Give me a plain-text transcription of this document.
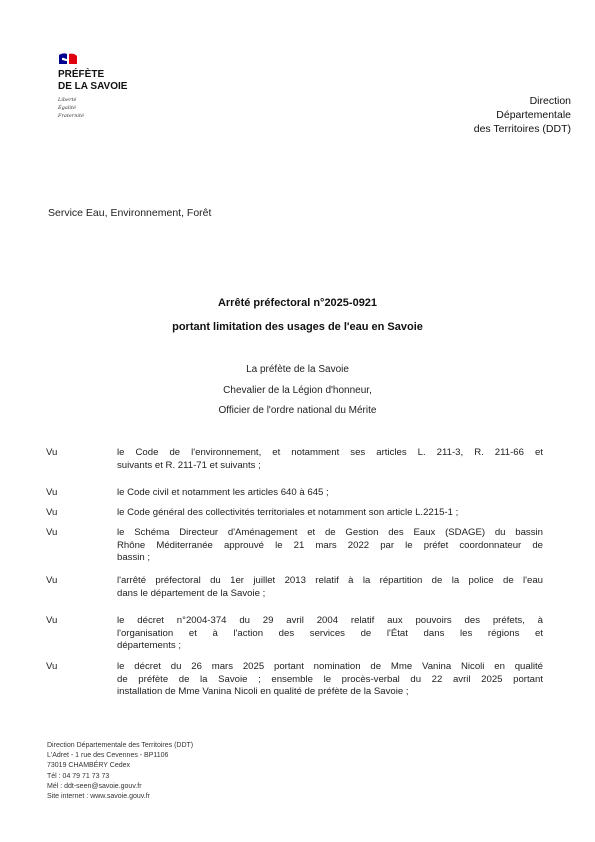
PRÉFÈTE
DE LA SAVOIE
Liberté
Égalité
Fraternité
Direction
Départementale
des Territoires (DDT)
Service Eau, Environnement, Forêt
Arrêté préfectoral n°2025-0921
portant limitation des usages de l'eau en Savoie
La préfète de la Savoie
Chevalier de la Légion d'honneur,
Officier de l'ordre national du Mérite
Vu	le Code de l'environnement, et notamment ses articles L. 211-3, R. 211-66 et
suivants et R. 211-71 et suivants ;
Vu	le Code civil et notamment les articles 640 à 645 ;
Vu	le Code général des collectivités territoriales et notamment son article L.2215-1 ;
Vu	le Schéma Directeur d'Aménagement et de Gestion des Eaux (SDAGE) du bassin
Rhône Méditerranée approuvé le 21 mars 2022 par le préfet coordonnateur de
bassin ;
Vu	l'arrêté préfectoral du 1er juillet 2013 relatif à la répartition de la police de l'eau
dans le département de la Savoie ;
Vu	le décret n°2004-374 du 29 avril 2004 relatif aux pouvoirs des préfets, à
l'organisation et à l'action des services de l'État dans les régions et
départements ;
Vu	le décret du 26 mars 2025 portant nomination de Mme Vanina Nicoli en qualité
de préfète de la Savoie ; ensemble le procès-verbal du 22 avril 2025 portant
installation de Mme Vanina Nicoli en qualité de préfète de la Savoie ;
Direction Départementale des Territoires (DDT)
L'Adret - 1 rue des Cevennes - BP1106
73019 CHAMBÉRY Cedex
Tél : 04 79 71 73 73
Mél : ddt-seen@savoie.gouv.fr
Site internet : www.savoie.gouv.fr
